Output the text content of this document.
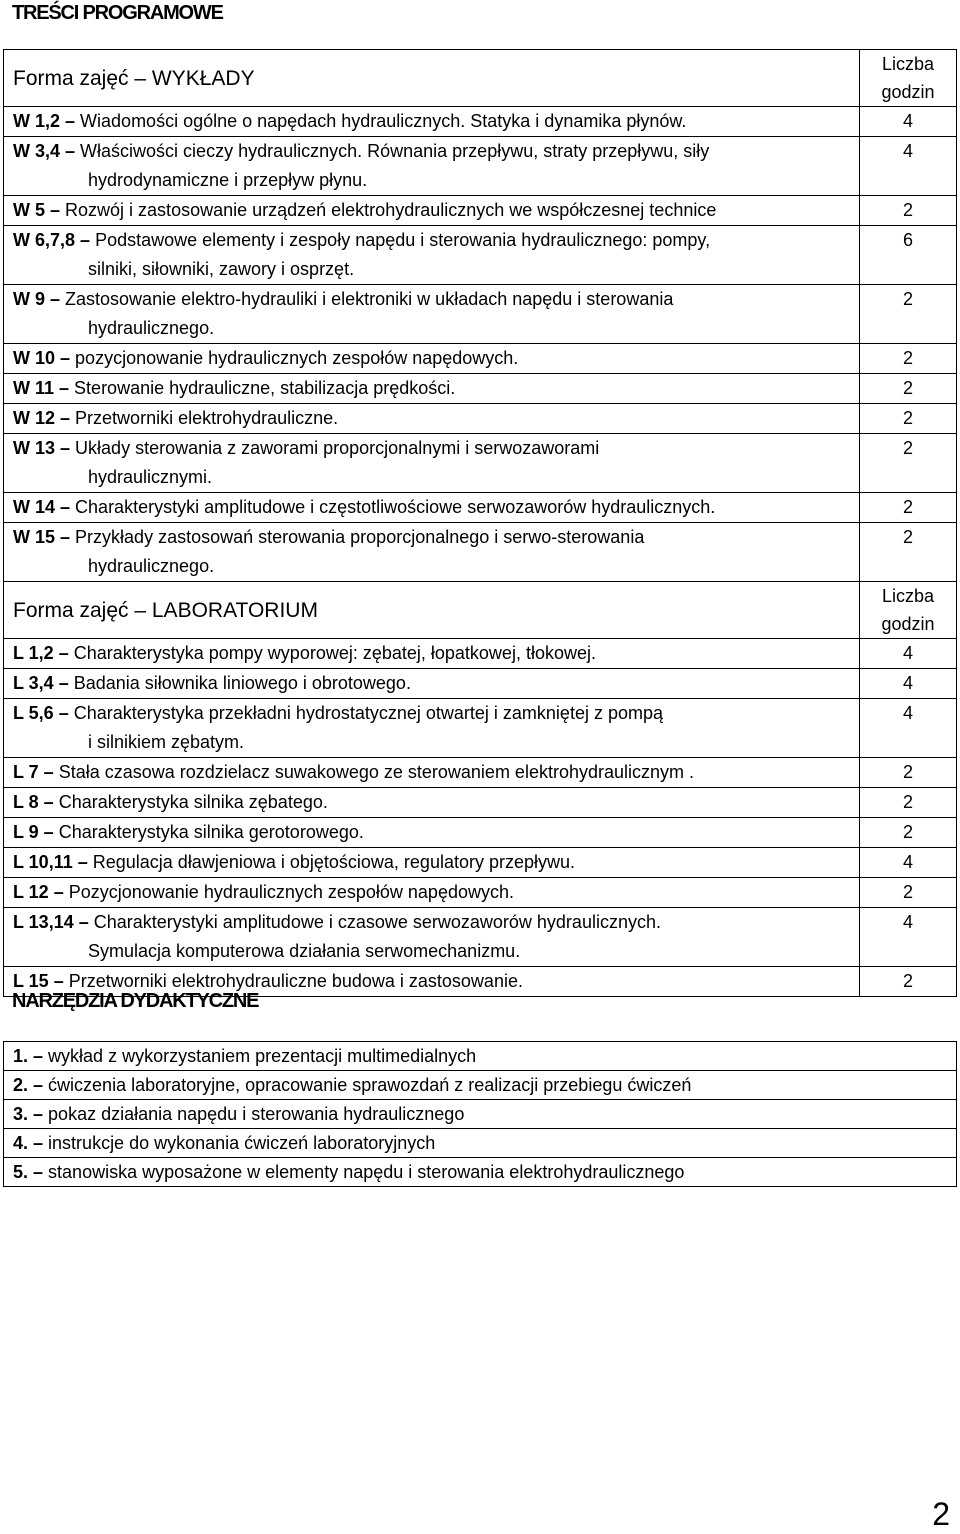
TREŚCI PROGRAMOWE
Forma zajęć – WYKŁADY	Liczba
godzin

W 1,2 – Wiadomości ogólne o napędach hydraulicznych. Statyka i dynamika płynów.	4
W 3,4 – Właściwości cieczy hydraulicznych. Równania przepływu, straty przepływu, siły
hydrodynamiczne i przepływ płynu.	4
W 5 – Rozwój i zastosowanie urządzeń elektrohydraulicznych we współczesnej technice	2
W 6,7,8 – Podstawowe elementy i zespoły napędu i sterowania hydraulicznego: pompy,
silniki, siłowniki, zawory i osprzęt.	6
W 9 – Zastosowanie elektro-hydrauliki i elektroniki w układach napędu i sterowania
hydraulicznego.	2
W 10 – pozycjonowanie hydraulicznych zespołów napędowych.	2
W 11 – Sterowanie hydrauliczne, stabilizacja prędkości.	2
W 12 – Przetworniki elektrohydrauliczne.	2
W 13 – Układy sterowania z zaworami proporcjonalnymi i serwozaworami
hydraulicznymi.	2
W 14 – Charakterystyki amplitudowe i częstotliwościowe serwozaworów hydraulicznych.	2
W 15 – Przykłady zastosowań sterowania proporcjonalnego i serwo-sterowania
hydraulicznego.	2
Forma zajęć – LABORATORIUM	Liczba
godzin

L 1,2 – Charakterystyka pompy wyporowej: zębatej, łopatkowej, tłokowej.	4
L 3,4 – Badania siłownika liniowego i obrotowego.	4
L 5,6 – Charakterystyka przekładni hydrostatycznej otwartej i zamkniętej z pompą
i silnikiem zębatym.	4
L 7 – Stała czasowa rozdzielacz suwakowego ze sterowaniem elektrohydraulicznym .	2
L 8 – Charakterystyka silnika zębatego.	2
L 9 – Charakterystyka silnika gerotorowego.	2
L 10,11 – Regulacja dławjeniowa i objętościowa, regulatory przepływu.	4
L 12 – Pozycjonowanie hydraulicznych zespołów napędowych.	2
L 13,14 – Charakterystyki amplitudowe i czasowe serwozaworów hydraulicznych.
Symulacja komputerowa działania serwomechanizmu.	4
L 15 – Przetworniki elektrohydrauliczne budowa i zastosowanie.	2
NARZĘDZIA DYDAKTYCZNE
1. – wykład z wykorzystaniem prezentacji multimedialnych
2. – ćwiczenia laboratoryjne, opracowanie sprawozdań z realizacji przebiegu ćwiczeń
3. – pokaz działania napędu i sterowania hydraulicznego
4. – instrukcje do wykonania ćwiczeń laboratoryjnych
5. – stanowiska wyposażone w elementy napędu i sterowania elektrohydraulicznego
2
